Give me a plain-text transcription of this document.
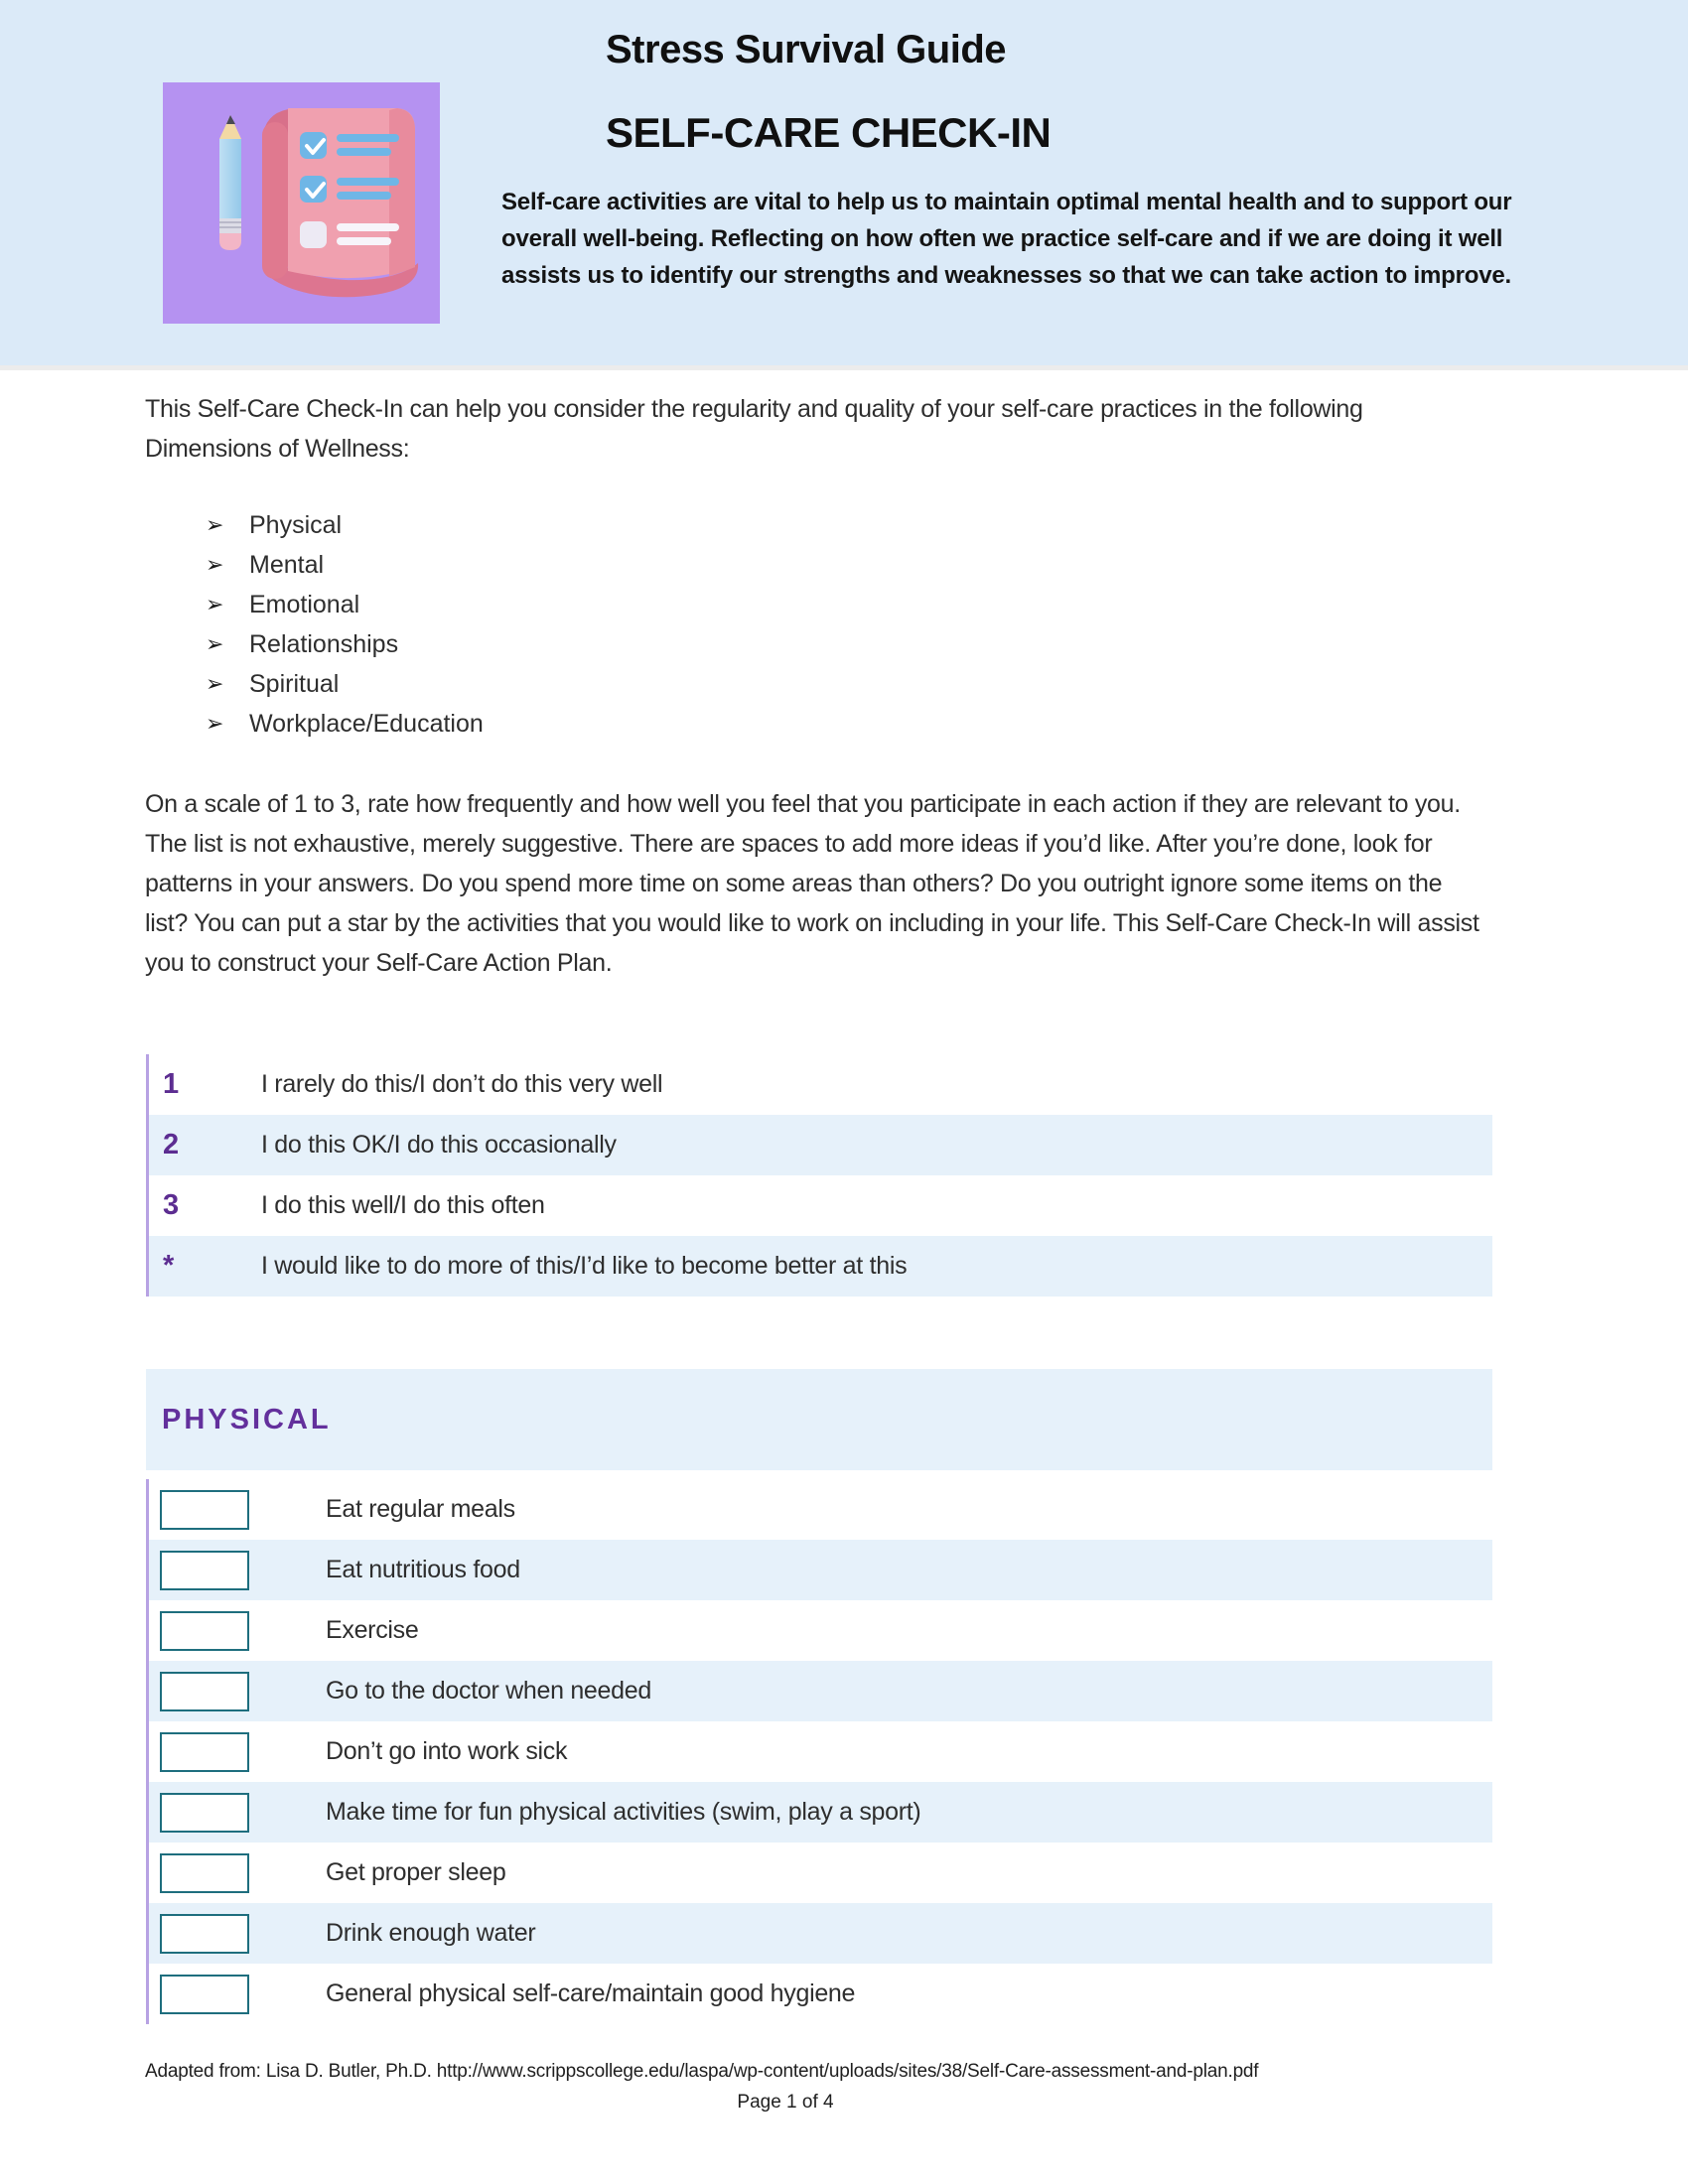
Stress Survival Guide
SELF-CARE CHECK-IN

Self-care activities are vital to help us to maintain optimal mental health and to support our overall well-being. Reflecting on how often we practice self-care and if we are doing it well assists us to identify our strengths and weaknesses so that we can take action to improve.

This Self-Care Check-In can help you consider the regularity and quality of your self-care practices in the following Dimensions of Wellness:

➢	Physical
➢	Mental
➢	Emotional
➢	Relationships
➢	Spiritual
➢	Workplace/Education

On a scale of 1 to 3, rate how frequently and how well you feel that you participate in each action if they are relevant to you. The list is not exhaustive, merely suggestive. There are spaces to add more ideas if you’d like. After you’re done, look for patterns in your answers. Do you spend more time on some areas than others? Do you outright ignore some items on the list? You can put a star by the activities that you would like to work on including in your life. This Self-Care Check-In will assist you to construct your Self-Care Action Plan.

1	I rarely do this/I don’t do this very well
2	I do this OK/I do this occasionally
3	I do this well/I do this often
*	I would like to do more of this/I’d like to become better at this
PHYSICAL
Eat regular meals
Eat nutritious food
Exercise
Go to the doctor when needed
Don’t go into work sick
Make time for fun physical activities (swim, play a sport)
Get proper sleep
Drink enough water
General physical self-care/maintain good hygiene
Adapted from: Lisa D. Butler, Ph.D. http://www.scrippscollege.edu/laspa/wp-content/uploads/sites/38/Self-Care-assessment-and-plan.pdf
Page 1 of 4
